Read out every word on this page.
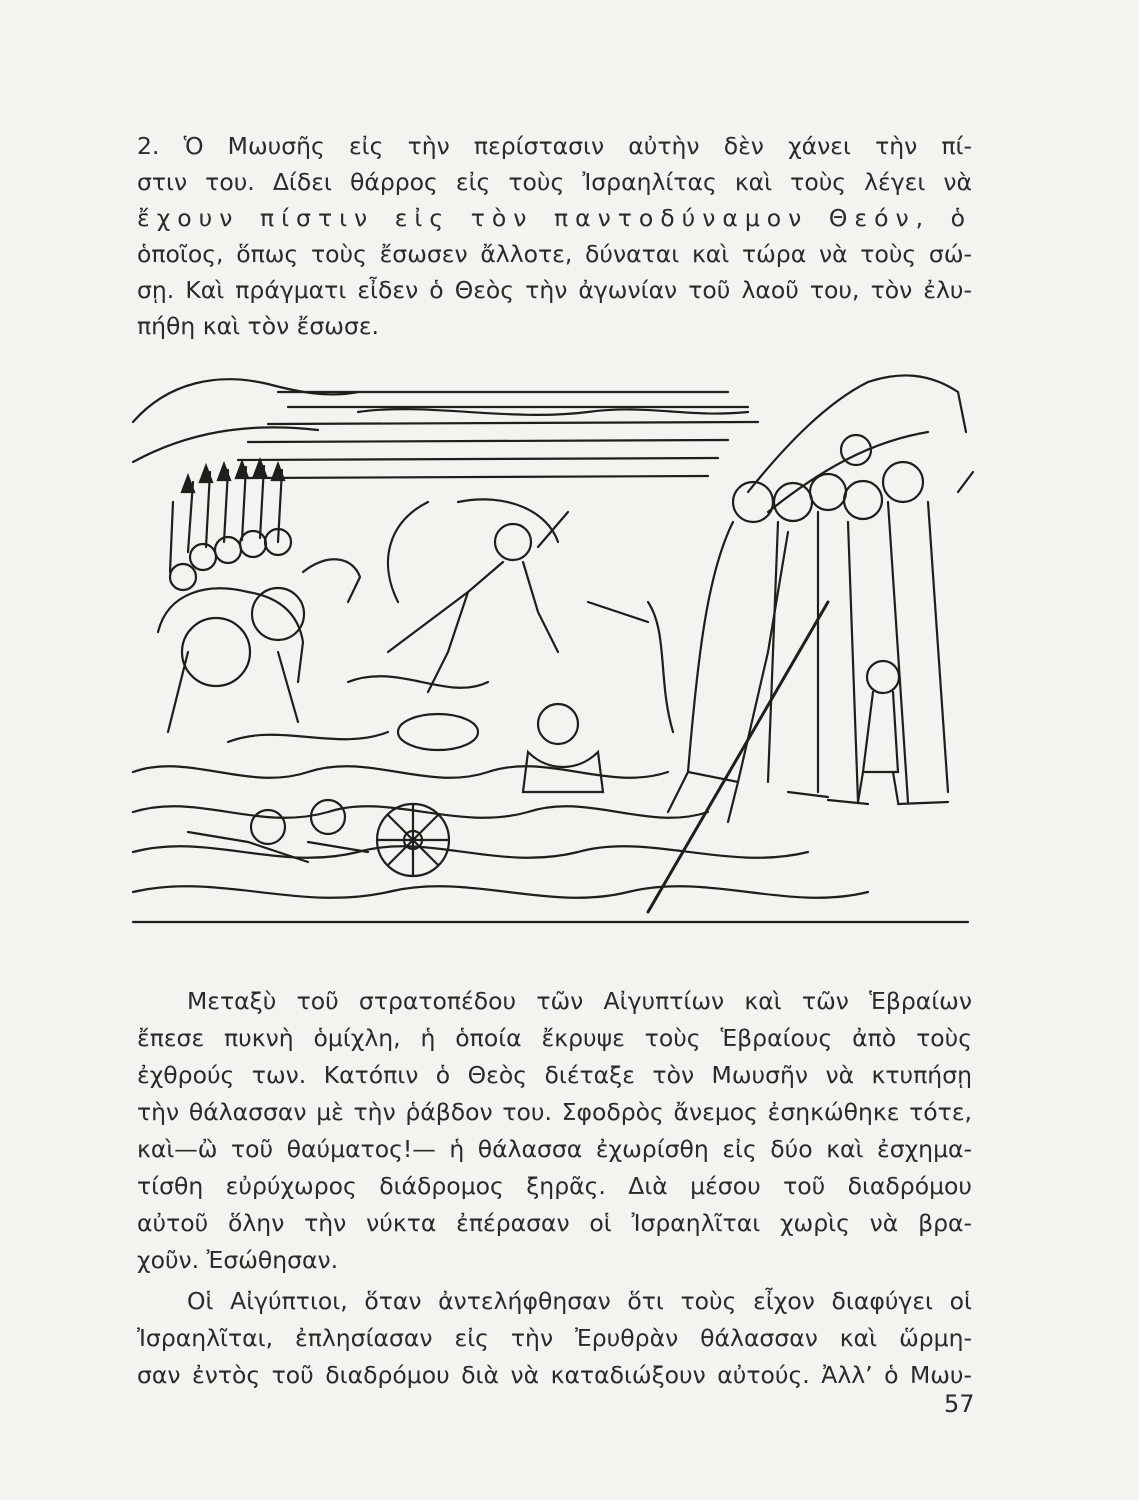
2. Ὁ Μωυσῆς εἰς τὴν περίστασιν αὐτὴν δὲν χάνει τὴν πί-
στιν του. Δίδει θάρρος εἰς τοὺς Ἰσραηλίτας καὶ τοὺς λέγει νὰ
ἔχουν πίστιν εἰς τὸν παντοδύναμον Θεόν, ὁ
ὁποῖος, ὅπως τοὺς ἔσωσεν ἄλλοτε, δύναται καὶ τώρα νὰ τοὺς σώ-
σῃ. Καὶ πράγματι εἶδεν ὁ Θεὸς τὴν ἀγωνίαν τοῦ λαοῦ του, τὸν ἐλυ-
πήθη καὶ τὸν ἔσωσε.
Μεταξὺ τοῦ στρατοπέδου τῶν Αἰγυπτίων καὶ τῶν Ἑβραίων
ἔπεσε πυκνὴ ὁμίχλη, ἡ ὁποία ἔκρυψε τοὺς Ἑβραίους ἀπὸ τοὺς
ἐχθρούς των. Κατόπιν ὁ Θεὸς διέταξε τὸν Μωυσῆν νὰ κτυπήσῃ
τὴν θάλασσαν μὲ τὴν ῥάβδον του. Σφοδρὸς ἄνεμος ἐσηκώθηκε τότε,
καὶ—ὢ τοῦ θαύματος!— ἡ θάλασσα ἐχωρίσθη εἰς δύο καὶ ἐσχημα-
τίσθη εὐρύχωρος διάδρομος ξηρᾶς. Διὰ μέσου τοῦ διαδρόμου
αὐτοῦ ὅλην τὴν νύκτα ἐπέρασαν οἱ Ἰσραηλῖται χωρὶς νὰ βρα-
χοῦν. Ἐσώθησαν.
Οἱ Αἰγύπτιοι, ὅταν ἀντελήφθησαν ὅτι τοὺς εἶχον διαφύγει οἱ
Ἰσραηλῖται, ἐπλησίασαν εἰς τὴν Ἐρυθρὰν θάλασσαν καὶ ὥρμη-
σαν ἐντὸς τοῦ διαδρόμου διὰ νὰ καταδιώξουν αὐτούς. Ἀλλ’ ὁ Μωυ-
57
